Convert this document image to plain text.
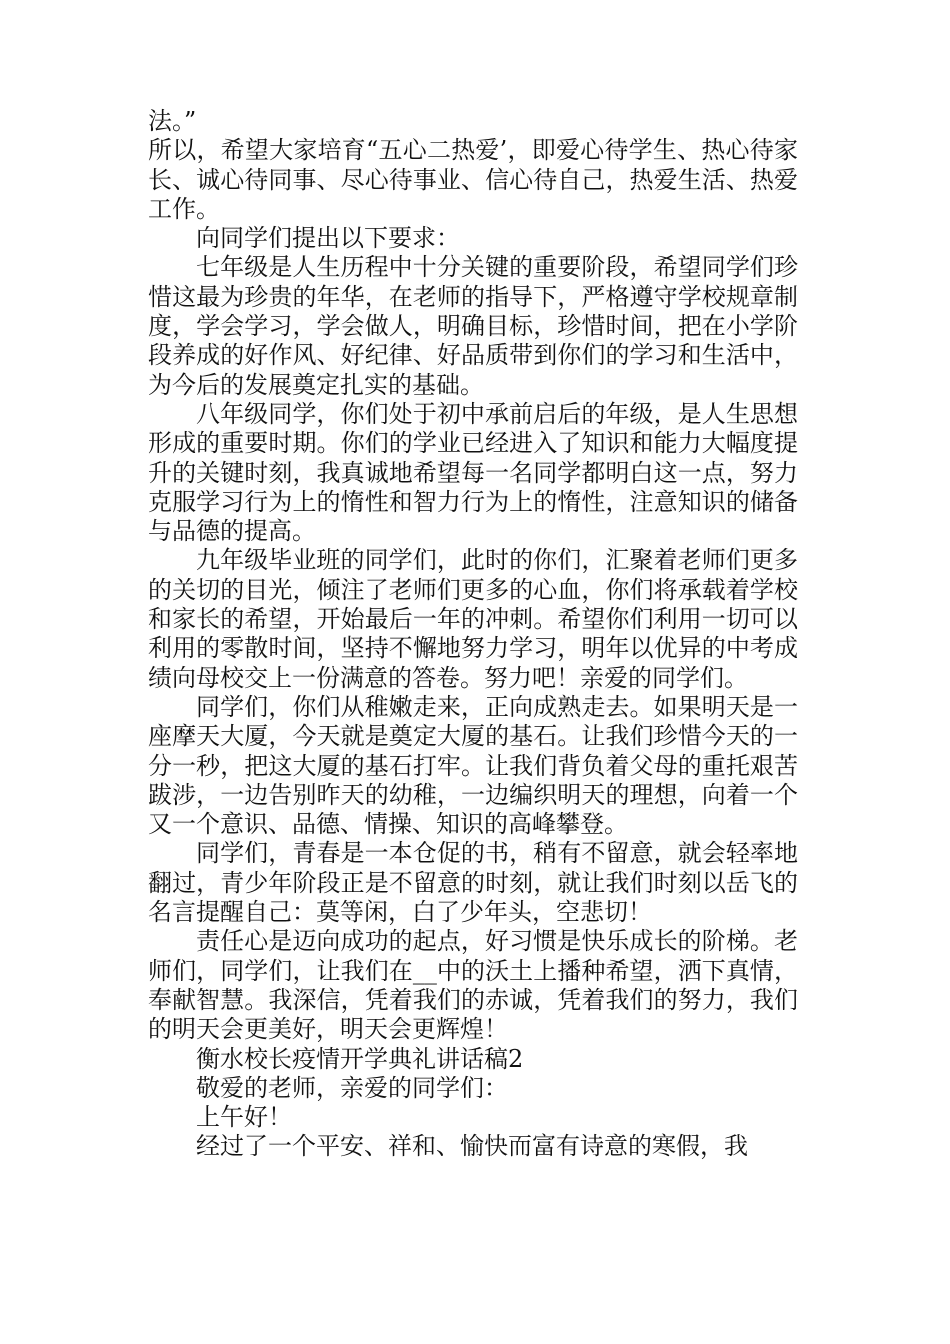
法。”

所以，希望大家培育“五心二热爱’，即爱心待学生、热心待家长、诚心待同事、尽心待事业、信心待自己，热爱生活、热爱工作。

向同学们提出以下要求：

七年级是人生历程中十分关键的重要阶段，希望同学们珍惜这最为珍贵的年华，在老师的指导下，严格遵守学校规章制度，学会学习，学会做人，明确目标，珍惜时间，把在小学阶段养成的好作风、好纪律、好品质带到你们的学习和生活中，为今后的发展奠定扎实的基础。

八年级同学，你们处于初中承前启后的年级，是人生思想形成的重要时期。你们的学业已经进入了知识和能力大幅度提升的关键时刻，我真诚地希望每一名同学都明白这一点，努力克服学习行为上的惰性和智力行为上的惰性，注意知识的储备与品德的提高。

九年级毕业班的同学们，此时的你们，汇聚着老师们更多的关切的目光，倾注了老师们更多的心血，你们将承载着学校和家长的希望，开始最后一年的冲刺。希望你们利用一切可以利用的零散时间，坚持不懈地努力学习，明年以优异的中考成绩向母校交上一份满意的答卷。努力吧！亲爱的同学们。

同学们，你们从稚嫩走来，正向成熟走去。如果明天是一座摩天大厦，今天就是奠定大厦的基石。让我们珍惜今天的一分一秒，把这大厦的基石打牢。让我们背负着父母的重托艰苦跋涉，一边告别昨天的幼稚，一边编织明天的理想，向着一个又一个意识、品德、情操、知识的高峰攀登。

同学们，青春是一本仓促的书，稍有不留意，就会轻率地翻过，青少年阶段正是不留意的时刻，就让我们时刻以岳飞的名言提醒自己：莫等闲，白了少年头，空悲切！

责任心是迈向成功的起点，好习惯是快乐成长的阶梯。老师们，同学们，让我们在__中的沃土上播种希望，洒下真情，奉献智慧。我深信，凭着我们的赤诚，凭着我们的努力，我们的明天会更美好，明天会更辉煌！

衡水校长疫情开学典礼讲话稿2

敬爱的老师，亲爱的同学们：

上午好！

经过了一个平安、祥和、愉快而富有诗意的寒假，我
